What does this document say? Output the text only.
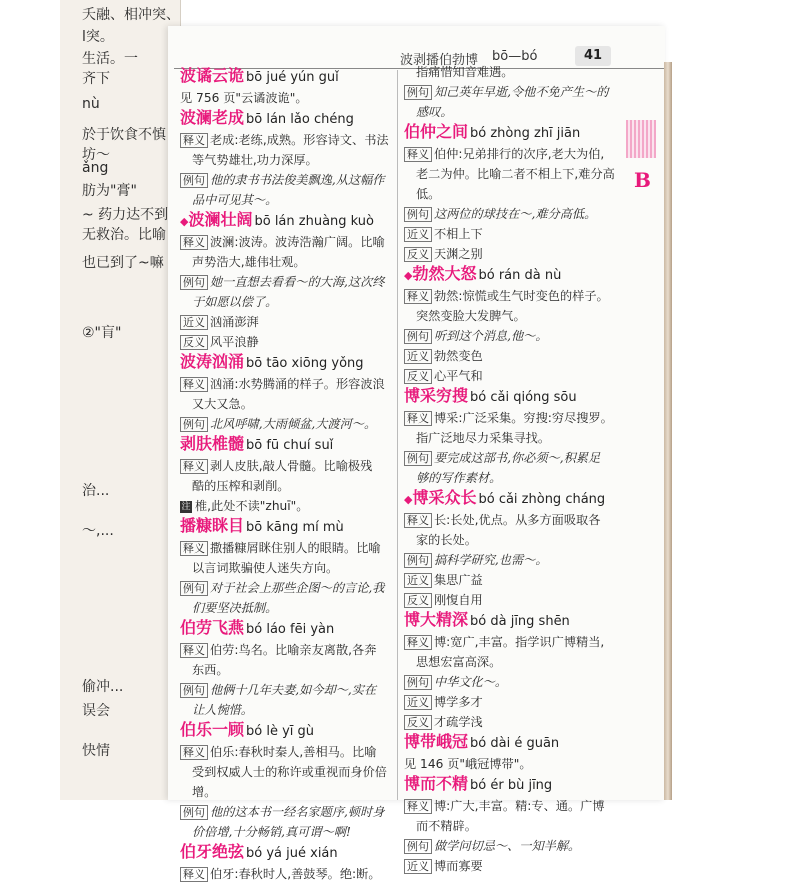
夭融、相冲突、
l突。
生活。一
齐下
nù
於于饮食不慎
坊～
ǎng
肪为"膏"
~ 药力达不到
无救治。比喻
也已到了~嘛
②"肓"
治...
～,...
偷冲...
误会
快情
波剥播伯勃博 bō—bó	41
波谲云诡 bō jué yún guǐ
见 756 页"云谲波诡"。
波澜老成 bō lán lǎo chéng
释义 老成:老练,成熟。形容诗文、书法
等气势雄壮,功力深厚。
例句 他的隶书书法俊美飘逸,从这幅作
品中可见其～。
◆波澜壮阔 bō lán zhuàng kuò
释义 波澜:波涛。波涛浩瀚广阔。比喻
声势浩大,雄伟壮观。
例句 她一直想去看看～的大海,这次终
于如愿以偿了。
近义 汹涌澎湃
反义 风平浪静
波涛汹涌 bō tāo xiōng yǒng
释义 汹涌:水势腾涌的样子。形容波浪
又大又急。
例句 北风呼啸,大雨倾盆,大渡河～。
剥肤椎髓 bō fū chuí suǐ
释义 剥人皮肤,敲人骨髓。比喻极残
酷的压榨和剥削。
注 椎,此处不读"zhuī"。
播糠眯目 bō kāng mí mù
释义 撒播糠屑眯住别人的眼睛。比喻
以言词欺骗使人迷失方向。
例句 对于社会上那些企图～的言论,我
们要坚决抵制。
伯劳飞燕 bó láo fēi yàn
释义 伯劳:鸟名。比喻亲友离散,各奔
东西。
例句 他俩十几年夫妻,如今却～,实在
让人惋惜。
伯乐一顾 bó lè yī gù
释义 伯乐:春秋时秦人,善相马。比喻
受到权威人士的称许或重视而身价倍
增。
例句 他的这本书一经名家题序,顿时身
价倍增,十分畅销,真可谓～啊!
伯牙绝弦 bó yá jué xián
释义 伯牙:春秋时人,善鼓琴。绝:断。
指痛惜知音难遇。
例句 知己英年早逝,令他不免产生～的
感叹。
伯仲之间 bó zhòng zhī jiān
释义 伯仲:兄弟排行的次序,老大为伯,
老二为仲。比喻二者不相上下,难分高
低。
例句 这两位的球技在～,难分高低。
近义 不相上下
反义 天渊之别
◆勃然大怒 bó rán dà nù
释义 勃然:惊慌或生气时变色的样子。
突然变脸大发脾气。
例句 听到这个消息,他～。
近义 勃然变色
反义 心平气和
博采穷搜 bó cǎi qióng sōu
释义 博采:广泛采集。穷搜:穷尽搜罗。
指广泛地尽力采集寻找。
例句 要完成这部书,你必须～,积累足
够的写作素材。
◆博采众长 bó cǎi zhòng cháng
释义 长:长处,优点。从多方面吸取各
家的长处。
例句 搞科学研究,也需～。
近义 集思广益
反义 刚愎自用
博大精深 bó dà jīng shēn
释义 博:宽广,丰富。指学识广博精当,
思想宏富高深。
例句 中华文化～。
近义 博学多才
反义 才疏学浅
博带峨冠 bó dài é guān
见 146 页"峨冠博带"。
博而不精 bó ér bù jīng
释义 博:广大,丰富。精:专、通。广博
而不精辟。
例句 做学问切忌～、一知半解。
近义 博而寡要
B
